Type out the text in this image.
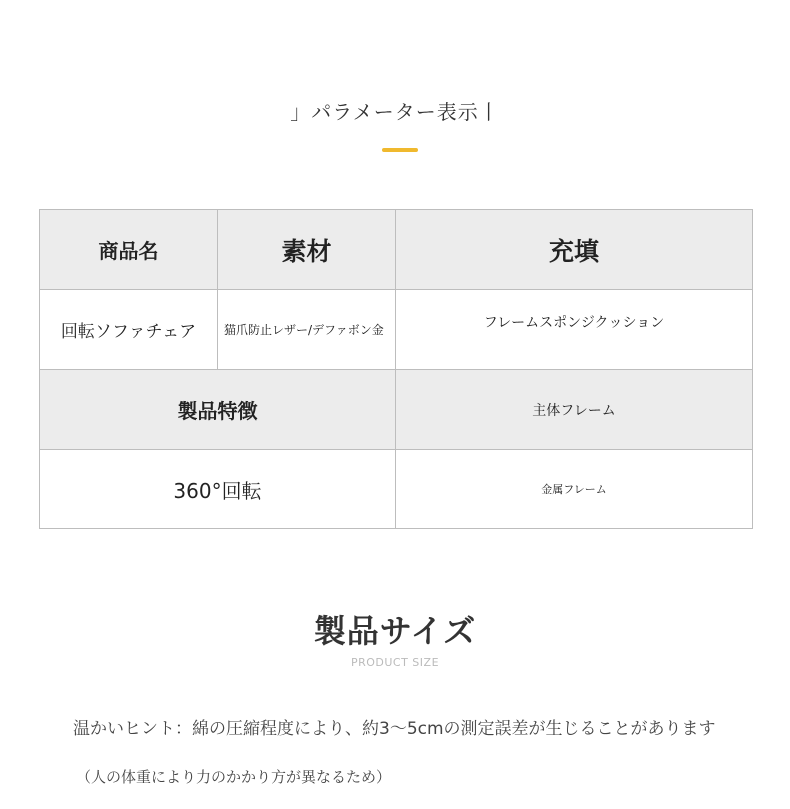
」パラメーター表示丨
商品名	素材	充填
回転ソファチェア	猫爪防止レザー/デファボン金	フレームスポンジクッション
製品特徴		主体フレーム
360°回転		金属フレーム
製品サイズ
PRODUCT SIZE
温かいヒント：綿の圧縮程度により、約3～5cmの測定誤差が生じることがあります
（人の体重により力のかかり方が異なるため）
